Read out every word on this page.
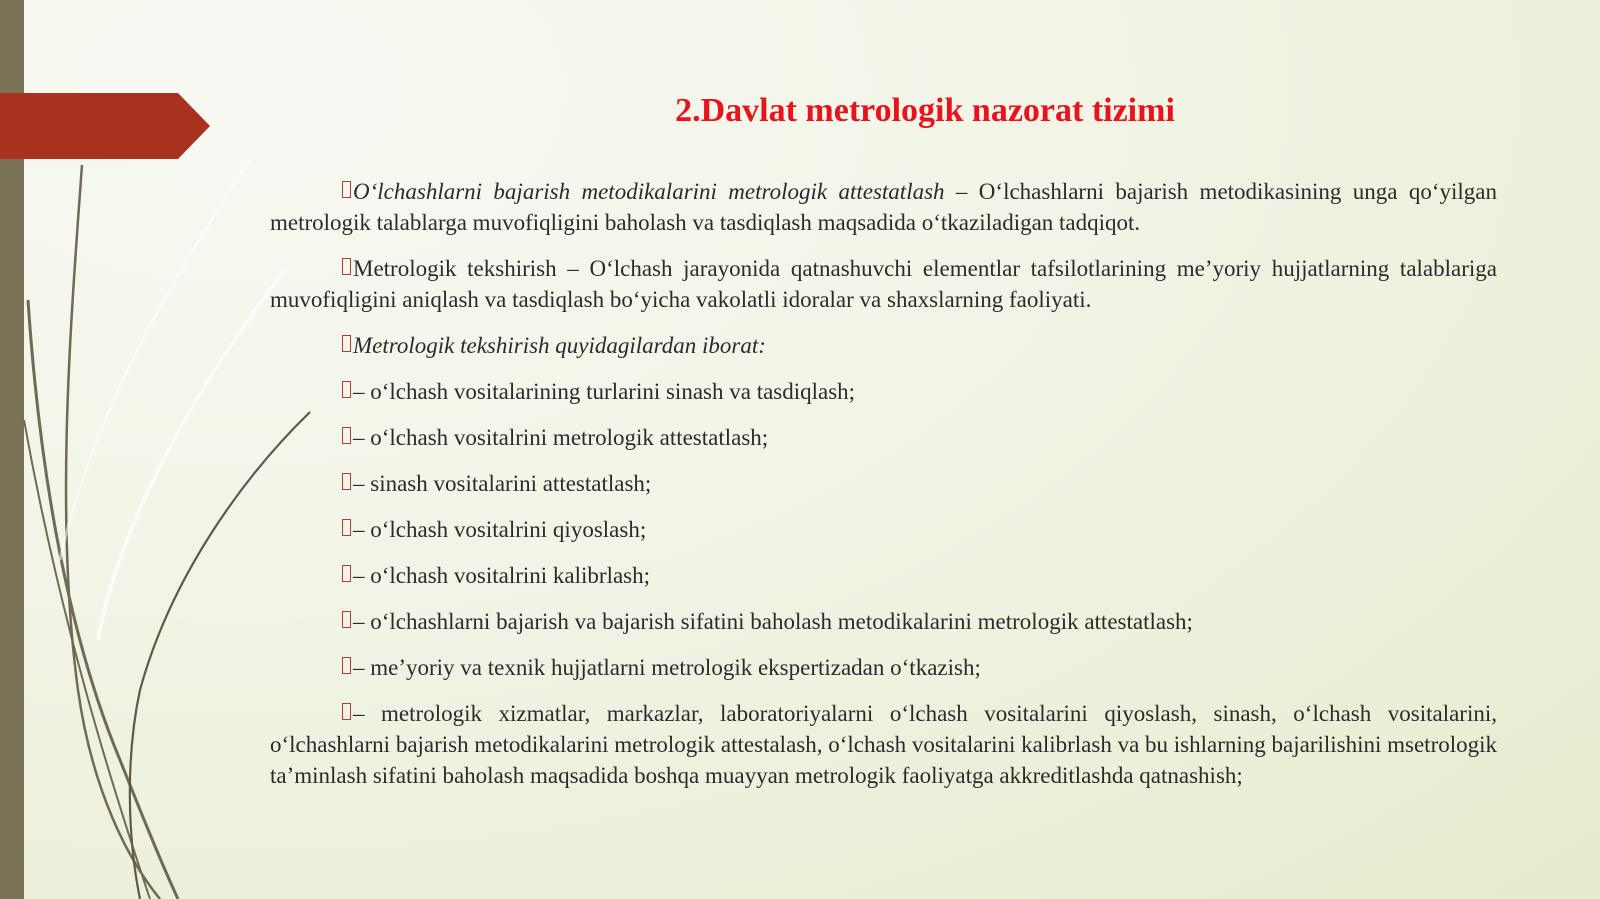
2.Davlat metrologik nazorat tizimi

O‘lchashlarni bajarish metodikalarini metrologik attestatlash – O‘lchashlarni bajarish metodikasining unga qo‘yilgan metrologik talablarga muvofiqligini baholash va tasdiqlash maqsadida o‘tkaziladigan tadqiqot.

Metrologik tekshirish – O‘lchash jarayonida qatnashuvchi elementlar tafsilotlarining me’yoriy hujjatlarning talablariga muvofiqligini aniqlash va tasdiqlash bo‘yicha vakolatli idoralar va shaxslarning faoliyati.

Metrologik tekshirish quyidagilardan iborat:

– o‘lchash vositalarining turlarini sinash va tasdiqlash;

– o‘lchash vositalrini metrologik attestatlash;

– sinash vositalarini attestatlash;

– o‘lchash vositalrini qiyoslash;

– o‘lchash vositalrini kalibrlash;

– o‘lchashlarni bajarish va bajarish sifatini baholash metodikalarini metrologik attestatlash;

– me’yoriy va texnik hujjatlarni metrologik ekspertizadan o‘tkazish;

– metrologik xizmatlar, markazlar, laboratoriyalarni o‘lchash vositalarini qiyoslash, sinash, o‘lchash vositalarini, o‘lchashlarni bajarish metodikalarini metrologik attestalash, o‘lchash vositalarini kalibrlash va bu ishlarning bajarilishini msetrologik ta’minlash sifatini baholash maqsadida boshqa muayyan metrologik faoliyatga akkreditlashda qatnashish;
